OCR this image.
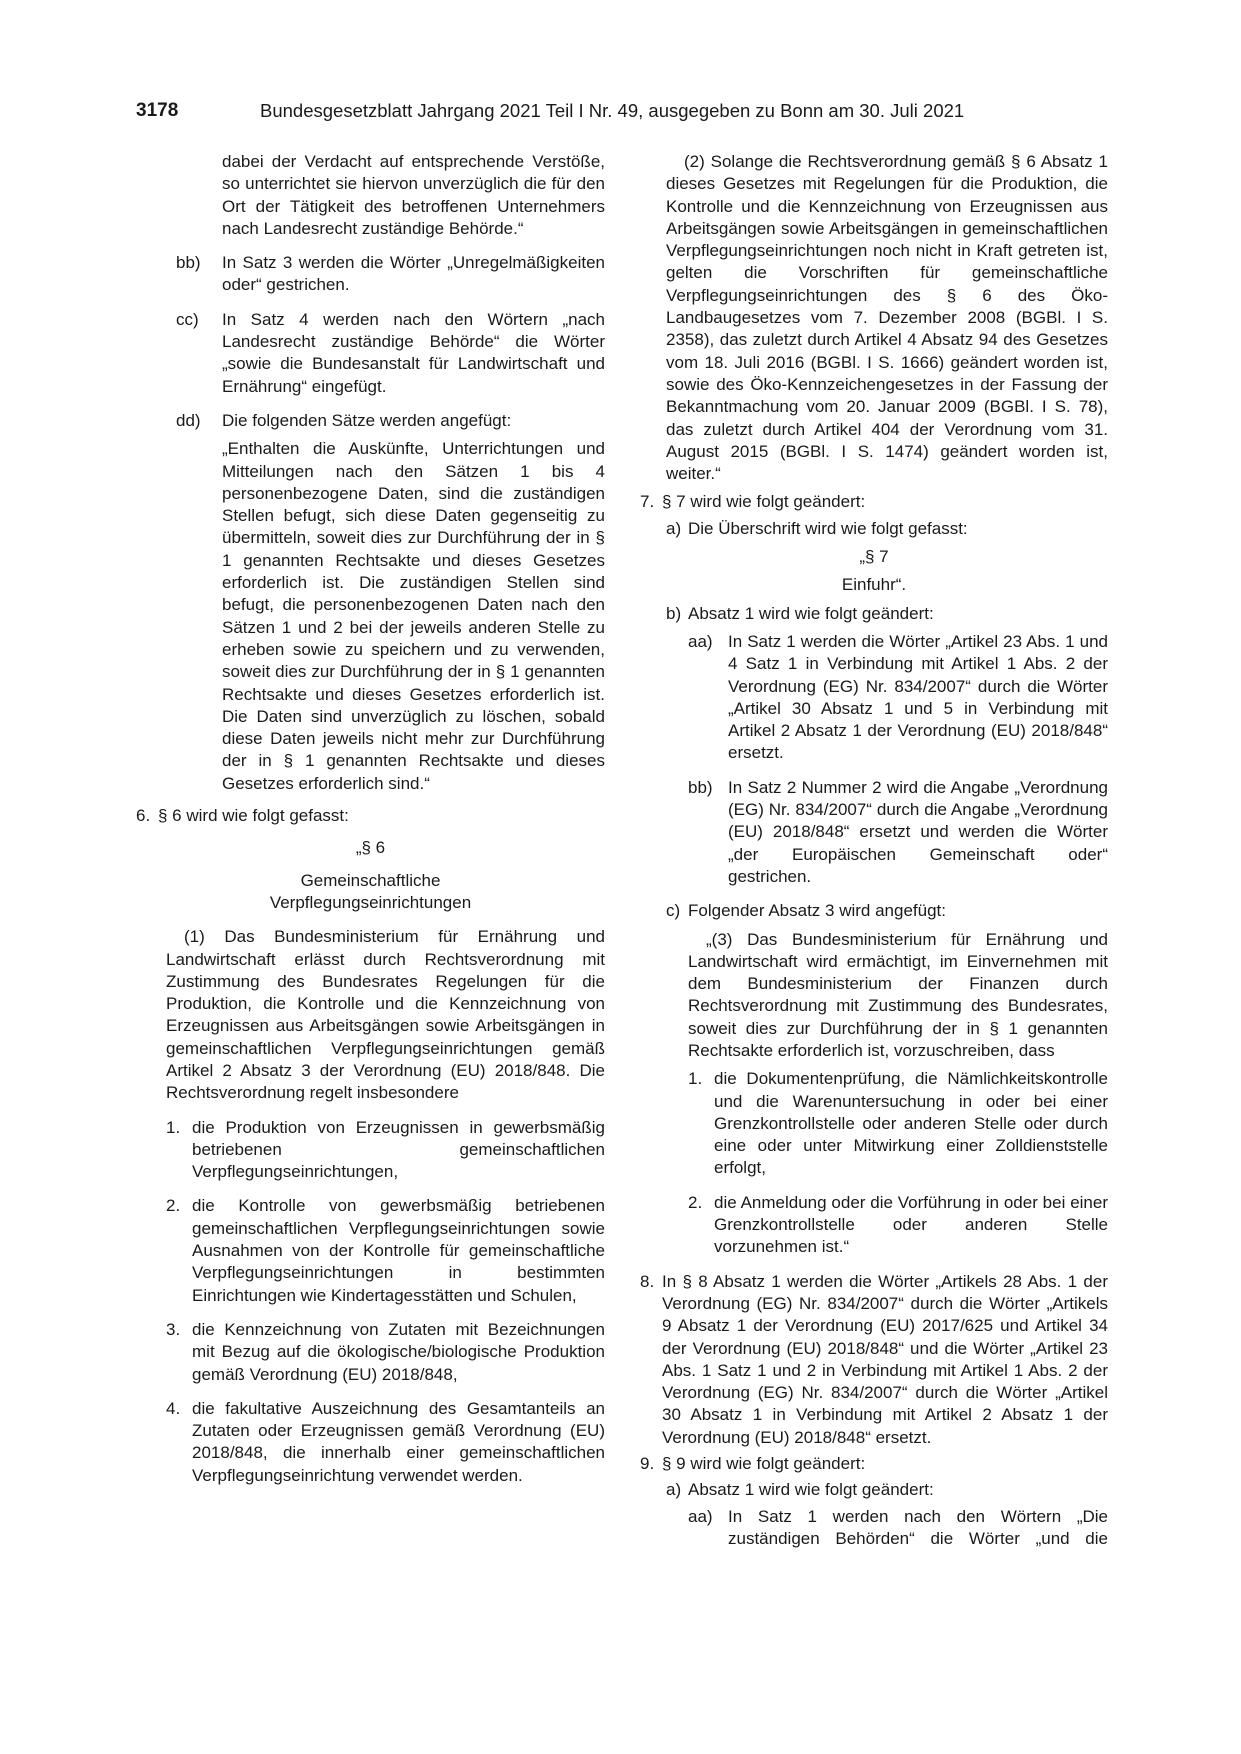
3178	Bundesgesetzblatt Jahrgang 2021 Teil I Nr. 49, ausgegeben zu Bonn am 30. Juli 2021

dabei der Verdacht auf entsprechende Verstöße, so unterrichtet sie hiervon unverzüglich die für den Ort der Tätigkeit des betroffenen Unternehmers nach Landesrecht zuständige Behörde.“

bb)	In Satz 3 werden die Wörter „Unregelmäßigkeiten oder“ gestrichen.
cc)	In Satz 4 werden nach den Wörtern „nach Landesrecht zuständige Behörde“ die Wörter „sowie die Bundesanstalt für Landwirtschaft und Ernährung“ eingefügt.
dd)	Die folgenden Sätze werden angefügt:

„Enthalten die Auskünfte, Unterrichtungen und Mitteilungen nach den Sätzen 1 bis 4 personenbezogene Daten, sind die zuständigen Stellen befugt, sich diese Daten gegenseitig zu übermitteln, soweit dies zur Durchführung der in § 1 genannten Rechtsakte und dieses Gesetzes erforderlich ist. Die zuständigen Stellen sind befugt, die personenbezogenen Daten nach den Sätzen 1 und 2 bei der jeweils anderen Stelle zu erheben sowie zu speichern und zu verwenden, soweit dies zur Durchführung der in § 1 genannten Rechtsakte und dieses Gesetzes erforderlich ist. Die Daten sind unverzüglich zu löschen, sobald diese Daten jeweils nicht mehr zur Durchführung der in § 1 genannten Rechtsakte und dieses Gesetzes erforderlich sind.“

6. § 6 wird wie folgt gefasst:
„§ 6
Gemeinschaftliche
Verpflegungseinrichtungen

(1) Das Bundesministerium für Ernährung und Landwirtschaft erlässt durch Rechtsverordnung mit Zustimmung des Bundesrates Regelungen für die Produktion, die Kontrolle und die Kennzeichnung von Erzeugnissen aus Arbeitsgängen sowie Arbeitsgängen in gemeinschaftlichen Verpflegungseinrichtungen gemäß Artikel 2 Absatz 3 der Verordnung (EU) 2018/848. Die Rechtsverordnung regelt insbesondere

1. die Produktion von Erzeugnissen in gewerbsmäßig betriebenen gemeinschaftlichen Verpflegungseinrichtungen,
2. die Kontrolle von gewerbsmäßig betriebenen gemeinschaftlichen Verpflegungseinrichtungen sowie Ausnahmen von der Kontrolle für gemeinschaftliche Verpflegungseinrichtungen in bestimmten Einrichtungen wie Kindertagesstätten und Schulen,
3. die Kennzeichnung von Zutaten mit Bezeichnungen mit Bezug auf die ökologische/biologische Produktion gemäß Verordnung (EU) 2018/848,
4. die fakultative Auszeichnung des Gesamtanteils an Zutaten oder Erzeugnissen gemäß Verordnung (EU) 2018/848, die innerhalb einer gemeinschaftlichen Verpflegungseinrichtung verwendet werden.

(2) Solange die Rechtsverordnung gemäß § 6 Absatz 1 dieses Gesetzes mit Regelungen für die Produktion, die Kontrolle und die Kennzeichnung von Erzeugnissen aus Arbeitsgängen sowie Arbeitsgängen in gemeinschaftlichen Verpflegungseinrichtungen noch nicht in Kraft getreten ist, gelten die Vorschriften für gemeinschaftliche Verpflegungseinrichtungen des § 6 des Öko-Landbaugesetzes vom 7. Dezember 2008 (BGBl. I S. 2358), das zuletzt durch Artikel 4 Absatz 94 des Gesetzes vom 18. Juli 2016 (BGBl. I S. 1666) geändert worden ist, sowie des Öko-Kennzeichengesetzes in der Fassung der Bekanntmachung vom 20. Januar 2009 (BGBl. I S. 78), das zuletzt durch Artikel 404 der Verordnung vom 31. August 2015 (BGBl. I S. 1474) geändert worden ist, weiter.“

7. § 7 wird wie folgt geändert:
a) Die Überschrift wird wie folgt gefasst:
„§ 7
Einfuhr“.
b) Absatz 1 wird wie folgt geändert:
aa) In Satz 1 werden die Wörter „Artikel 23 Abs. 1 und 4 Satz 1 in Verbindung mit Artikel 1 Abs. 2 der Verordnung (EG) Nr. 834/2007“ durch die Wörter „Artikel 30 Absatz 1 und 5 in Verbindung mit Artikel 2 Absatz 1 der Verordnung (EU) 2018/848“ ersetzt.
bb) In Satz 2 Nummer 2 wird die Angabe „Verordnung (EG) Nr. 834/2007“ durch die Angabe „Verordnung (EU) 2018/848“ ersetzt und werden die Wörter „der Europäischen Gemeinschaft oder“ gestrichen.
c) Folgender Absatz 3 wird angefügt:

„(3) Das Bundesministerium für Ernährung und Landwirtschaft wird ermächtigt, im Einvernehmen mit dem Bundesministerium der Finanzen durch Rechtsverordnung mit Zustimmung des Bundesrates, soweit dies zur Durchführung der in § 1 genannten Rechtsakte erforderlich ist, vorzuschreiben, dass

1. die Dokumentenprüfung, die Nämlichkeitskontrolle und die Warenuntersuchung in oder bei einer Grenzkontrollstelle oder anderen Stelle oder durch eine oder unter Mitwirkung einer Zolldienststelle erfolgt,
2. die Anmeldung oder die Vorführung in oder bei einer Grenzkontrollstelle oder anderen Stelle vorzunehmen ist.“
8. In § 8 Absatz 1 werden die Wörter „Artikels 28 Abs. 1 der Verordnung (EG) Nr. 834/2007“ durch die Wörter „Artikels 9 Absatz 1 der Verordnung (EU) 2017/625 und Artikel 34 der Verordnung (EU) 2018/848“ und die Wörter „Artikel 23 Abs. 1 Satz 1 und 2 in Verbindung mit Artikel 1 Abs. 2 der Verordnung (EG) Nr. 834/2007“ durch die Wörter „Artikel 30 Absatz 1 in Verbindung mit Artikel 2 Absatz 1 der Verordnung (EU) 2018/848“ ersetzt.
9. § 9 wird wie folgt geändert:
a) Absatz 1 wird wie folgt geändert:
aa) In Satz 1 werden nach den Wörtern „Die zuständigen Behörden“ die Wörter „und die
